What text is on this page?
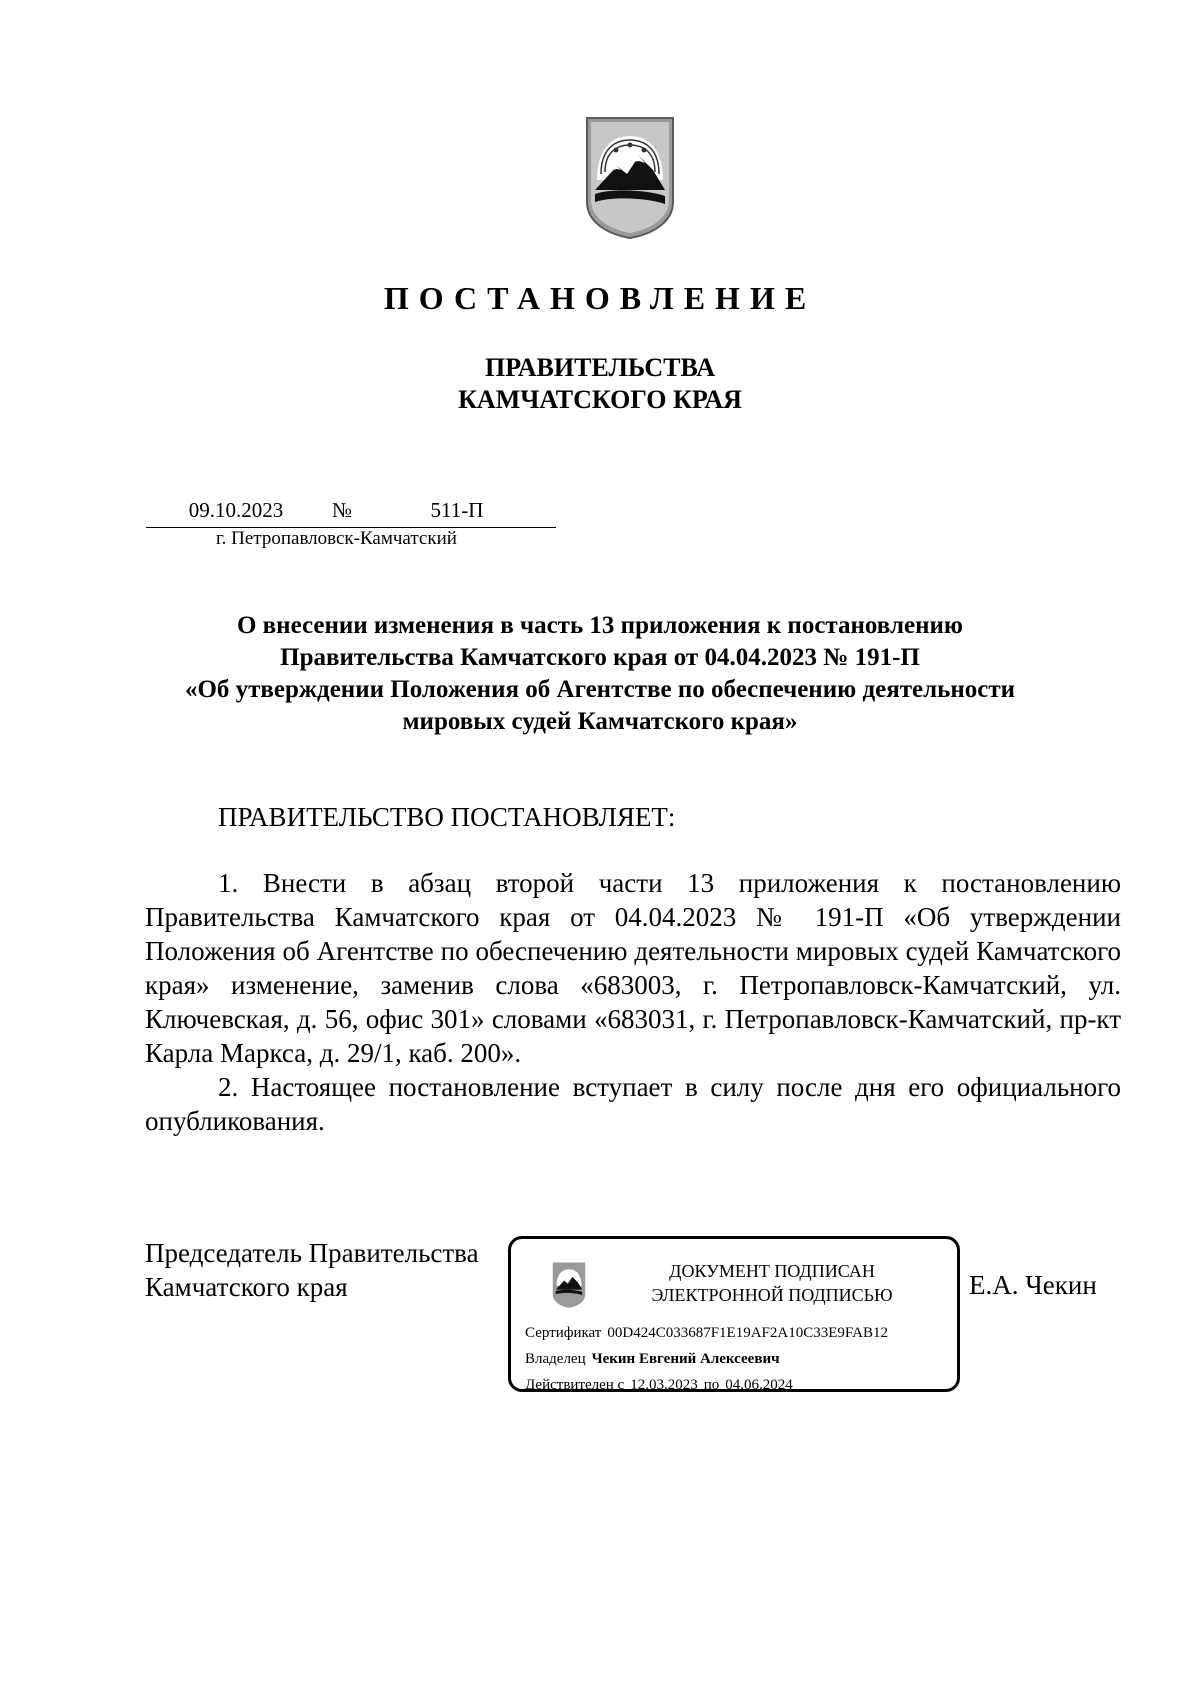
ПОСТАНОВЛЕНИЕ
ПРАВИТЕЛЬСТВА
КАМЧАТСКОГО КРАЯ
09.10.2023	№	511-П
г. Петропавловск-Камчатский
О внесении изменения в часть 13 приложения к постановлению
Правительства Камчатского края от 04.04.2023 № 191-П
«Об утверждении Положения об Агентстве по обеспечению деятельности
мировых судей Камчатского края»
ПРАВИТЕЛЬСТВО ПОСТАНОВЛЯЕТ:
1. Внести в абзац второй части 13 приложения к постановлению Правительства Камчатского края от 04.04.2023 № 191-П «Об утверждении Положения об Агентстве по обеспечению деятельности мировых судей Камчатского края» изменение, заменив слова «683003, г. Петропавловск-Камчатский, ул. Ключевская, д. 56, офис 301» словами «683031, г. Петропавловск-Камчатский, пр-кт Карла Маркса, д. 29/1, каб. 200».
2. Настоящее постановление вступает в силу после дня его официального опубликования.
Председатель Правительства
Камчатского края
ДОКУМЕНТ ПОДПИСАН
ЭЛЕКТРОННОЙ ПОДПИСЬЮ
Сертификат 00D424C033687F1E19AF2A10C33E9FAB12
Владелец Чекин Евгений Алексеевич
Действителен с 12.03.2023 по 04.06.2024
Е.А. Чекин
